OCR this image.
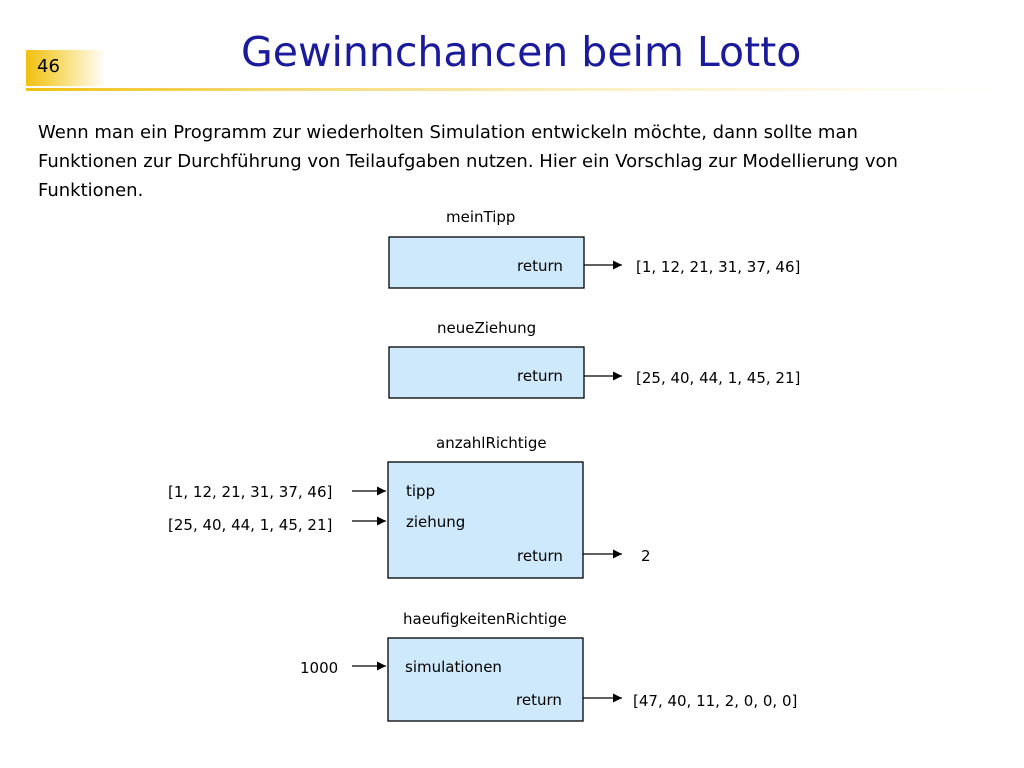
46	Gewinnchancen beim Lotto
Wenn man ein Programm zur wiederholten Simulation entwickeln möchte, dann sollte man
Funktionen zur Durchführung von Teilaufgaben nutzen. Hier ein Vorschlag zur Modellierung von
Funktionen.
meinTipp
return	[1, 12, 21, 31, 37, 46]
neueZiehung
return	[25, 40, 44, 1, 45, 21]
anzahlRichtige
[1, 12, 21, 31, 37, 46]	tipp
[25, 40, 44, 1, 45, 21]	ziehung
return	2
haeufigkeitenRichtige
1000	simulationen
return	[47, 40, 11, 2, 0, 0, 0]
